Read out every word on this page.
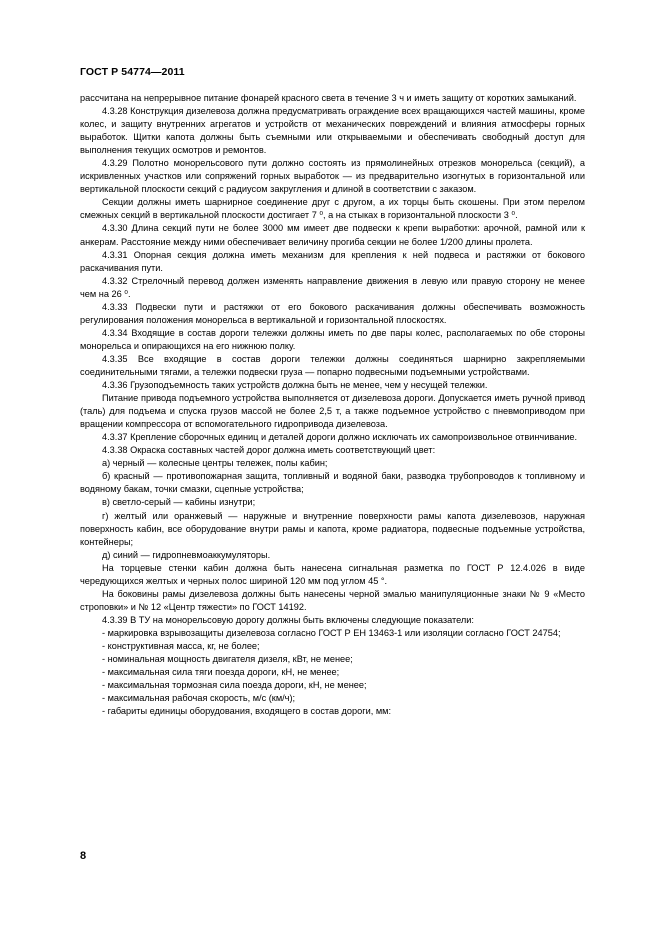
ГОСТ Р 54774—2011

рассчитана на непрерывное питание фонарей красного света в течение 3 ч и иметь защиту от коротких замыканий.

4.3.28 Конструкция дизелевоза должна предусматривать ограждение всех вращающихся частей машины, кроме колес, и защиту внутренних агрегатов и устройств от механических повреждений и влияния атмосферы горных выработок. Щитки капота должны быть съемными или открываемыми и обеспечивать свободный доступ для выполнения текущих осмотров и ремонтов.

4.3.29 Полотно монорельсового пути должно состоять из прямолинейных отрезков монорельса (секций), а искривленных участков или сопряжений горных выработок — из предварительно изогнутых в горизонтальной или вертикальной плоскости секций с радиусом закругления и длиной в соответствии с заказом.

Секции должны иметь шарнирное соединение друг с другом, а их торцы быть скошены. При этом перелом смежных секций в вертикальной плоскости достигает 7 ⁰, а на стыках в горизонтальной плоскости 3 ⁰.

4.3.30 Длина секций пути не более 3000 мм имеет две подвески к крепи выработки: арочной, рамной или к анкерам. Расстояние между ними обеспечивает величину прогиба секции не более 1/200 длины пролета.

4.3.31 Опорная секция должна иметь механизм для крепления к ней подвеса и растяжки от бокового раскачивания пути.

4.3.32 Стрелочный перевод должен изменять направление движения в левую или правую сторону не менее чем на 26 ⁰.

4.3.33 Подвески пути и растяжки от его бокового раскачивания должны обеспечивать возможность регулирования положения монорельса в вертикальной и горизонтальной плоскостях.

4.3.34 Входящие в состав дороги тележки должны иметь по две пары колес, располагаемых по обе стороны монорельса и опирающихся на его нижнюю полку.

4.3.35 Все входящие в состав дороги тележки должны соединяться шарнирно закрепляемыми соединительными тягами, а тележки подвески груза — попарно подвесными подъемными устройствами.

4.3.36 Грузоподъемность таких устройств должна быть не менее, чем у несущей тележки.

Питание привода подъемного устройства выполняется от дизелевоза дороги. Допускается иметь ручной привод (таль) для подъема и спуска грузов массой не более 2,5 т, а также подъемное устройство с пневмоприводом при вращении компрессора от вспомогательного гидропривода дизелевоза.

4.3.37 Крепление сборочных единиц и деталей дороги должно исключать их самопроизвольное отвинчивание.

4.3.38 Окраска составных частей дорог должна иметь соответствующий цвет:

а) черный — колесные центры тележек, полы кабин;

б) красный — противопожарная защита, топливный и водяной баки, разводка трубопроводов к топливному и водяному бакам, точки смазки, сцепные устройства;

в) светло-серый — кабины изнутри;

г) желтый или оранжевый — наружные и внутренние поверхности рамы капота дизелевозов, наружная поверхность кабин, все оборудование внутри рамы и капота, кроме радиатора, подвесные подъемные устройства, контейнеры;

д) синий — гидропневмоаккумуляторы.

На торцевые стенки кабин должна быть нанесена сигнальная разметка по ГОСТ Р 12.4.026 в виде чередующихся желтых и черных полос шириной 120 мм под углом 45 °.

На боковины рамы дизелевоза должны быть нанесены черной эмалью манипуляционные знаки № 9 «Место строповки» и № 12 «Центр тяжести» по ГОСТ 14192.

4.3.39 В ТУ на монорельсовую дорогу должны быть включены следующие показатели:

- маркировка взрывозащиты дизелевоза согласно ГОСТ Р ЕН 13463-1 или изоляции согласно ГОСТ 24754;

- конструктивная масса, кг, не более;

- номинальная мощность двигателя дизеля, кВт, не менее;

- максимальная сила тяги поезда дороги, кН, не менее;

- максимальная тормозная сила поезда дороги, кН, не менее;

- максимальная рабочая скорость, м/с (км/ч);

- габариты единицы оборудования, входящего в состав дороги, мм:

8
